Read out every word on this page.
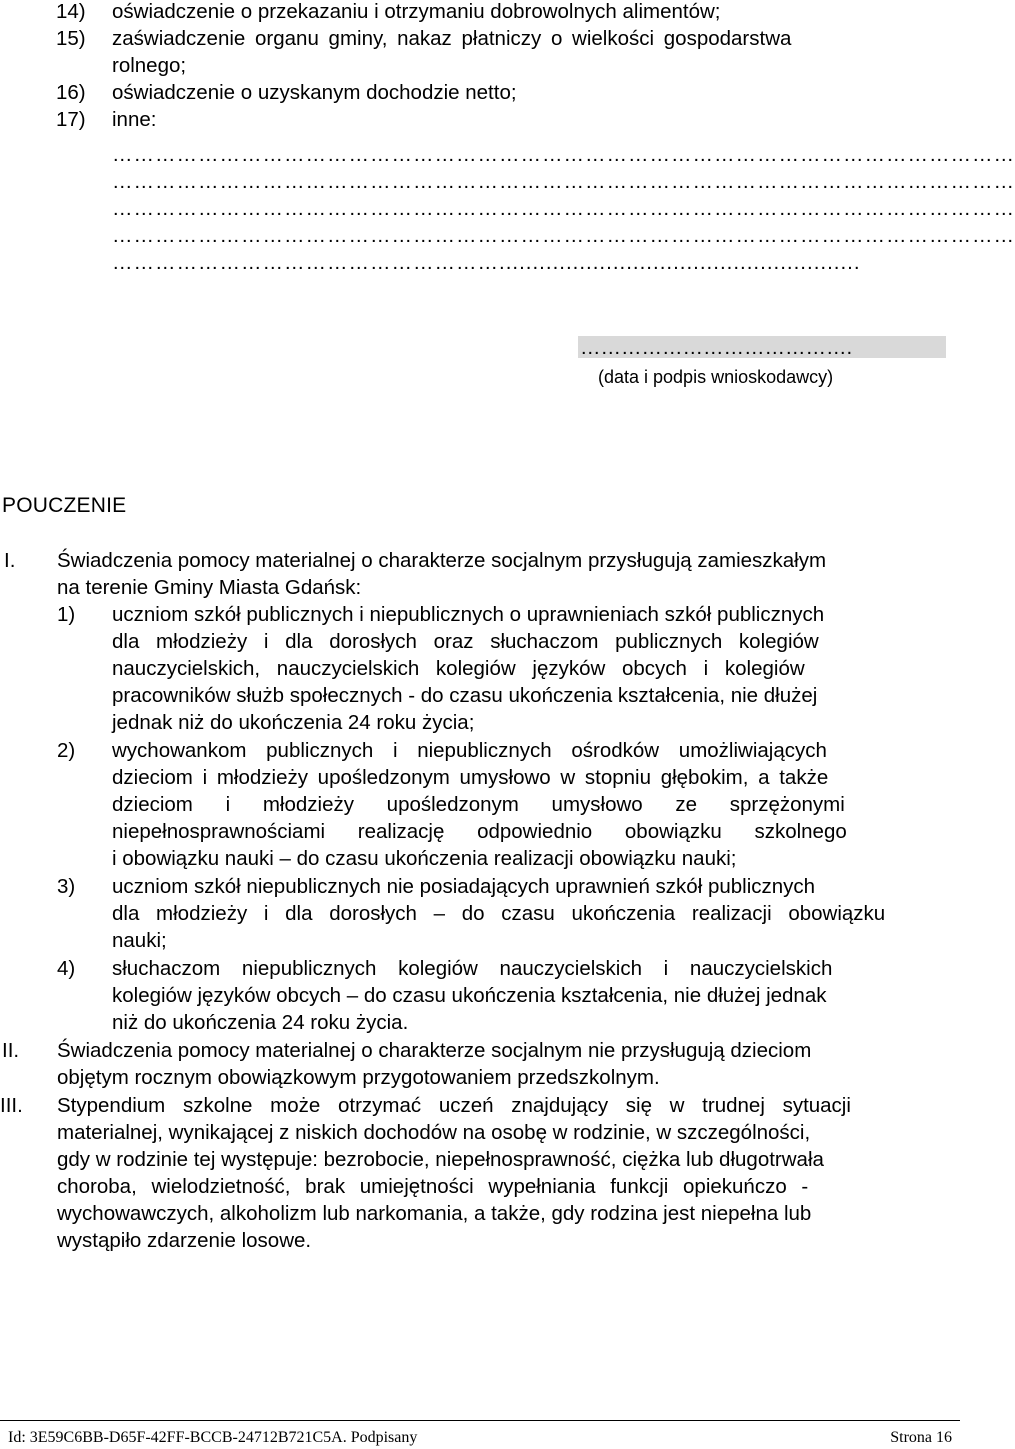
14) oświadczenie o przekazaniu i otrzymaniu dobrowolnych alimentów;
15) zaświadczenie organu gminy, nakaz płatniczy o wielkości gospodarstwa
rolnego;
16) oświadczenie o uzyskanym dochodzie netto;
17) inne:
………………………………………………………………………………………………………………
………………………………………………………………………………………………………………
………………………………………………………………………………………………………………
………………………………………………………………………………………………………………
………………………………………………......................................................
………………………………….
(data i podpis wnioskodawcy)
POUCZENIE
I. Świadczenia pomocy materialnej o charakterze socjalnym przysługują zamieszkałym
na terenie Gminy Miasta Gdańsk:
1) uczniom szkół publicznych i niepublicznych o uprawnieniach szkół publicznych
dla młodzieży i dla dorosłych oraz słuchaczom publicznych kolegiów
nauczycielskich, nauczycielskich kolegiów języków obcych i kolegiów
pracowników służb społecznych - do czasu ukończenia kształcenia, nie dłużej
jednak niż do ukończenia 24 roku życia;
2) wychowankom publicznych i niepublicznych ośrodków umożliwiających
dzieciom i młodzieży upośledzonym umysłowo w stopniu głębokim, a także
dzieciom i młodzieży upośledzonym umysłowo ze sprzężonymi
niepełnosprawnościami realizację odpowiednio obowiązku szkolnego
i obowiązku nauki – do czasu ukończenia realizacji obowiązku nauki;
3) uczniom szkół niepublicznych nie posiadających uprawnień szkół publicznych
dla młodzieży i dla dorosłych – do czasu ukończenia realizacji obowiązku
nauki;
4) słuchaczom niepublicznych kolegiów nauczycielskich i nauczycielskich
kolegiów języków obcych – do czasu ukończenia kształcenia, nie dłużej jednak
niż do ukończenia 24 roku życia.
II. Świadczenia pomocy materialnej o charakterze socjalnym nie przysługują dzieciom
objętym rocznym obowiązkowym przygotowaniem przedszkolnym.
III. Stypendium szkolne może otrzymać uczeń znajdujący się w trudnej sytuacji
materialnej, wynikającej z niskich dochodów na osobę w rodzinie, w szczególności,
gdy w rodzinie tej występuje: bezrobocie, niepełnosprawność, ciężka lub długotrwała
choroba, wielodzietność, brak umiejętności wypełniania funkcji opiekuńczo -
wychowawczych, alkoholizm lub narkomania, a także, gdy rodzina jest niepełna lub
wystąpiło zdarzenie losowe.
Id: 3E59C6BB-D65F-42FF-BCCB-24712B721C5A. Podpisany	Strona 16
